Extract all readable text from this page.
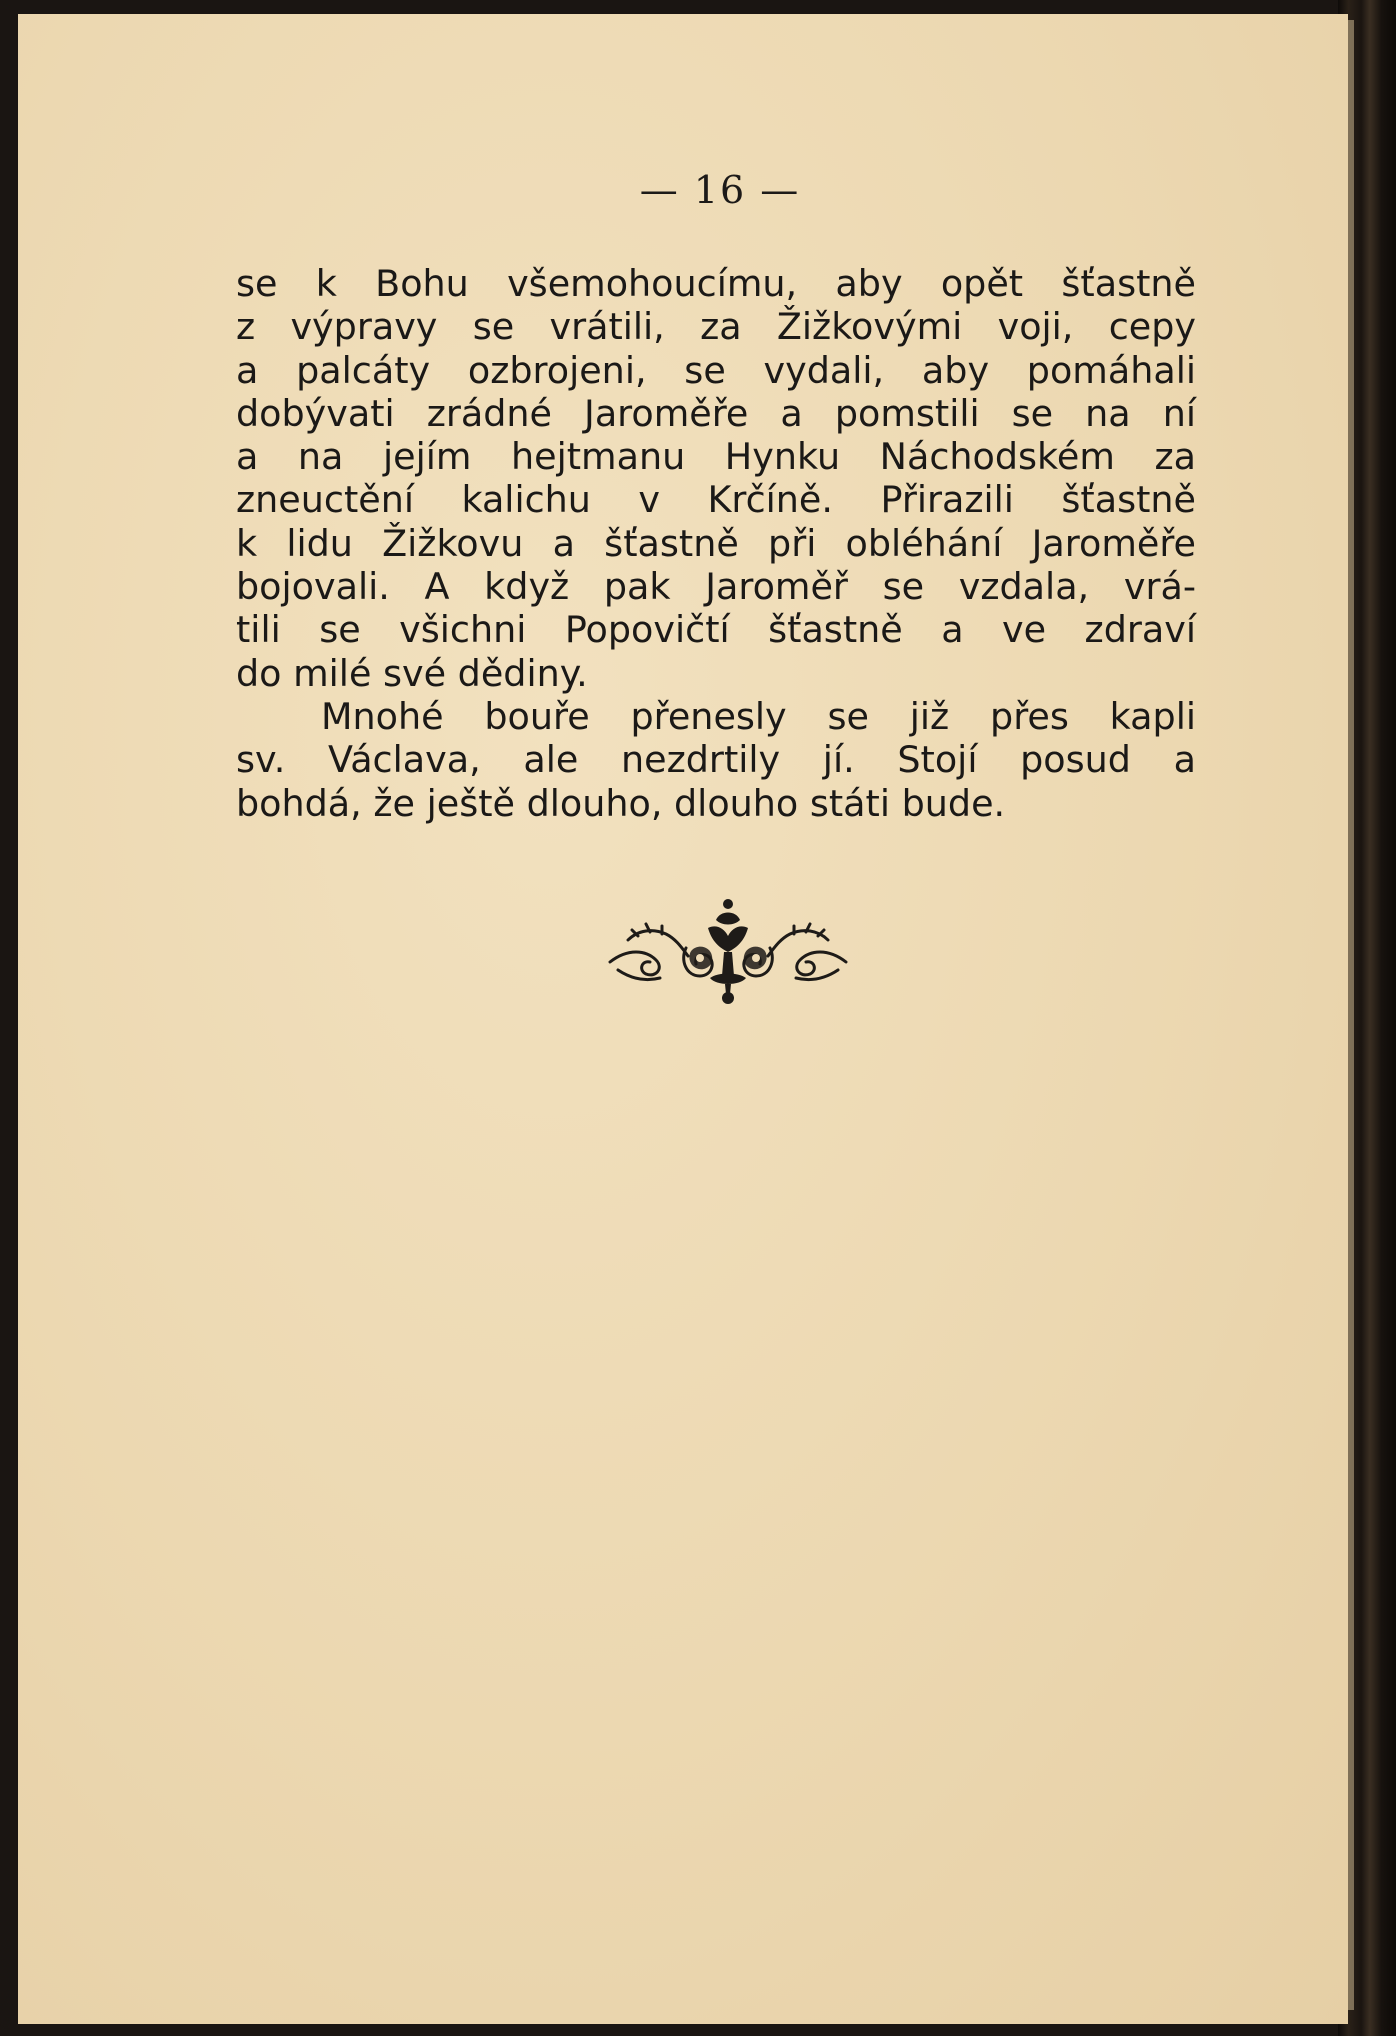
— 16 —
se k Bohu všemohoucímu, aby opět šťastně
z výpravy se vrátili, za Žižkovými voji, cepy
a palcáty ozbrojeni, se vydali, aby pomáhali
dobývati zrádné Jaroměře a pomstili se na ní
a na jejím hejtmanu Hynku Náchodském za
zneuctění kalichu v Krčíně. Přirazili šťastně
k lidu Žižkovu a šťastně při obléhání Jaroměře
bojovali. A když pak Jaroměř se vzdala, vrá-
tili se všichni Popovičtí šťastně a ve zdraví
do milé své dědiny.
Mnohé bouře přenesly se již přes kapli
sv. Václava, ale nezdrtily jí. Stojí posud a
bohdá, že ještě dlouho, dlouho státi bude.
